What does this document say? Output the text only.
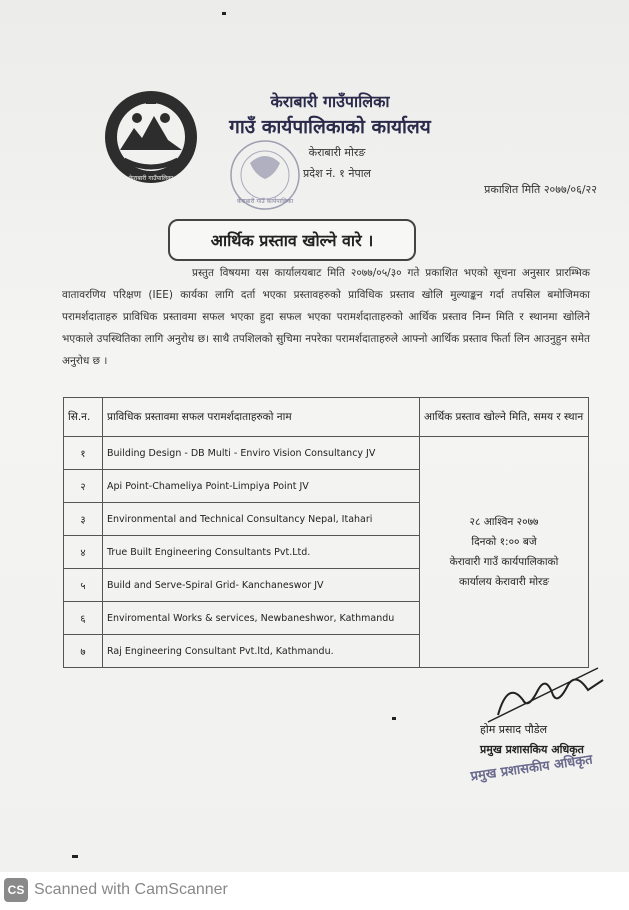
केराबारी गाउँपालिका
केराबारी गाउँपालिका
गाउँ कार्यपालिकाको कार्यालय
केराबारी मोरङ
प्रदेश नं. १ नेपाल
केराबारी गाउँ कार्यपालिका
प्रकाशित मिति २०७७/०६/२२
आर्थिक प्रस्ताव खोल्ने वारे ।
प्रस्तुत विषयमा यस कार्यालयबाट मिति २०७७/०५/३० गते प्रकाशित भएको सूचना अनुसार प्रारम्भिक वातावरणिय परिक्षण (IEE) कार्यका लागि दर्ता भएका प्रस्तावहरुको प्राविधिक प्रस्ताव खोलि मुल्याङ्कन गर्दा तपसिल बमोजिमका परामर्शदाताहरु प्राविधिक प्रस्तावमा सफल भएका हुदा सफल भएका परामर्शदाताहरुको आर्थिक प्रस्ताव निम्न मिति र स्थानमा खोलिने भएकाले उपस्थितिका लागि अनुरोध छ। साथै तपशिलको सुचिमा नपरेका परामर्शदाताहरुले आफ्नो आर्थिक प्रस्ताव फिर्ता लिन आउनुहुन समेत अनुरोध छ ।
सि.न.	प्राविधिक प्रस्तावमा सफल परामर्शदाताहरुको नाम	आर्थिक प्रस्ताव खोल्ने मिति, समय र स्थान
१	Building Design - DB Multi - Enviro Vision Consultancy JV	२८ आश्विन २०७७
दिनको १:०० बजे
केरावारी गाउँ कार्यपालिकाको
कार्यालय केरावारी मोरङ

२	Api Point-Chameliya Point-Limpiya Point JV	
३	Environmental and Technical Consultancy Nepal, Itahari	
४	True Built Engineering Consultants Pvt.Ltd.	
५	Build and Serve-Spiral Grid- Kanchaneswor JV	
६	Enviromental Works & services, Newbaneshwor, Kathmandu	
७	Raj Engineering Consultant Pvt.ltd, Kathmandu.	
होम प्रसाद पौडेल
प्रमुख प्रशासकिय अधिकृत
प्रमुख प्रशासकीय अधिकृत
CS Scanned with CamScanner
